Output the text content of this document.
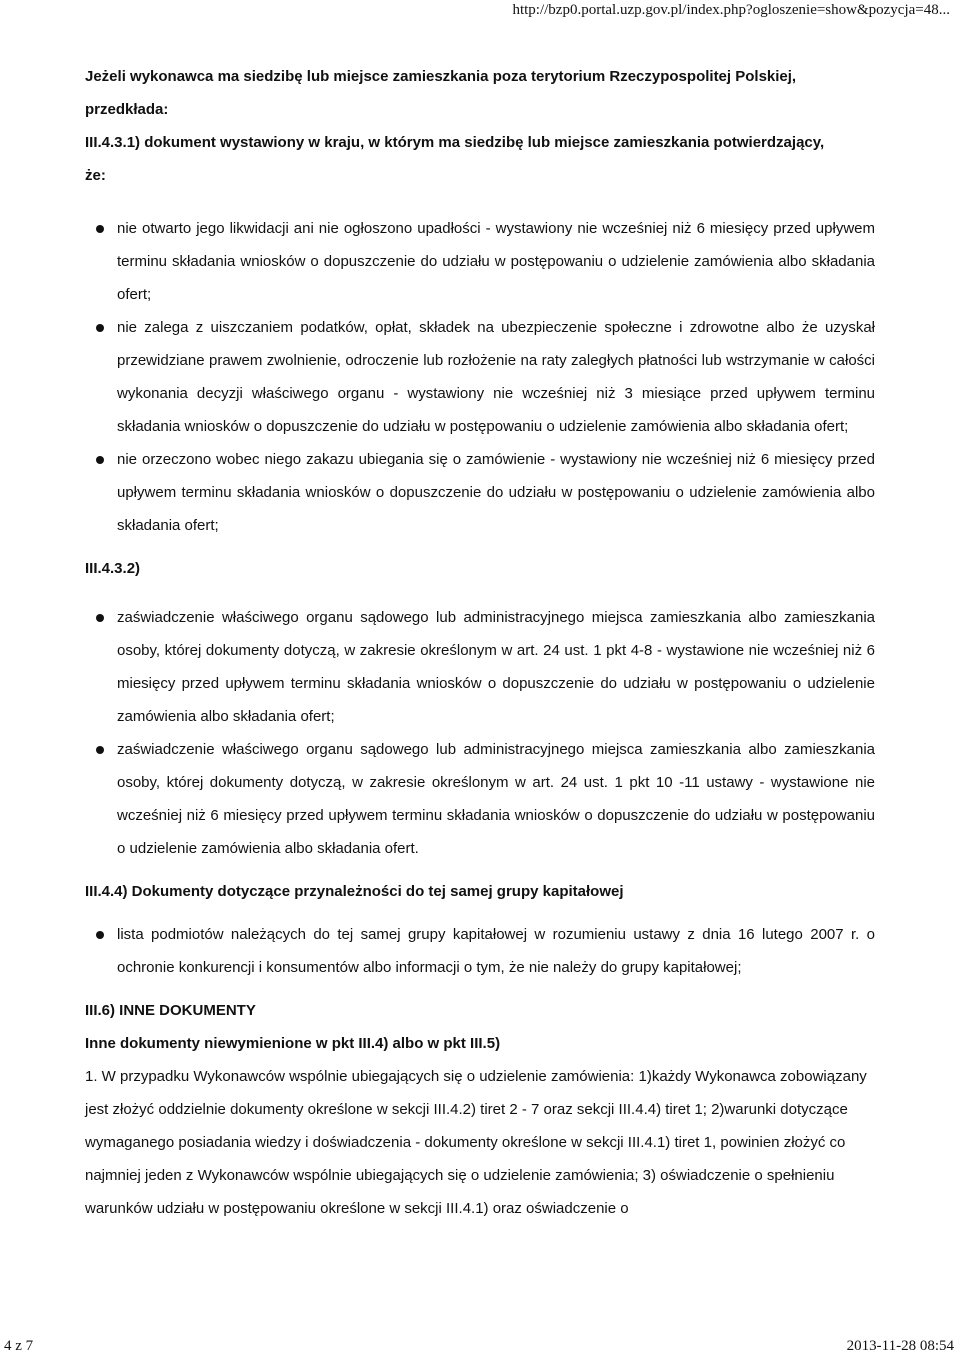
http://bzp0.portal.uzp.gov.pl/index.php?ogloszenie=show&pozycja=48...

Jeżeli wykonawca ma siedzibę lub miejsce zamieszkania poza terytorium Rzeczypospolitej Polskiej,

przedkłada:

III.4.3.1) dokument wystawiony w kraju, w którym ma siedzibę lub miejsce zamieszkania potwierdzający,

że:

nie otwarto jego likwidacji ani nie ogłoszono upadłości - wystawiony nie wcześniej niż 6 miesięcy przed upływem terminu składania wniosków o dopuszczenie do udziału w postępowaniu o udzielenie zamówienia albo składania ofert;
nie zalega z uiszczaniem podatków, opłat, składek na ubezpieczenie społeczne i zdrowotne albo że uzyskał przewidziane prawem zwolnienie, odroczenie lub rozłożenie na raty zaległych płatności lub wstrzymanie w całości wykonania decyzji właściwego organu - wystawiony nie wcześniej niż 3 miesiące przed upływem terminu składania wniosków o dopuszczenie do udziału w postępowaniu o udzielenie zamówienia albo składania ofert;
nie orzeczono wobec niego zakazu ubiegania się o zamówienie - wystawiony nie wcześniej niż 6 miesięcy przed upływem terminu składania wniosków o dopuszczenie do udziału w postępowaniu o udzielenie zamówienia albo składania ofert;

III.4.3.2)

zaświadczenie właściwego organu sądowego lub administracyjnego miejsca zamieszkania albo zamieszkania osoby, której dokumenty dotyczą, w zakresie określonym w art. 24 ust. 1 pkt 4-8 - wystawione nie wcześniej niż 6 miesięcy przed upływem terminu składania wniosków o dopuszczenie do udziału w postępowaniu o udzielenie zamówienia albo składania ofert;
zaświadczenie właściwego organu sądowego lub administracyjnego miejsca zamieszkania albo zamieszkania osoby, której dokumenty dotyczą, w zakresie określonym w art. 24 ust. 1 pkt 10 -11 ustawy - wystawione nie wcześniej niż 6 miesięcy przed upływem terminu składania wniosków o dopuszczenie do udziału w postępowaniu o udzielenie zamówienia albo składania ofert.

III.4.4) Dokumenty dotyczące przynależności do tej samej grupy kapitałowej

lista podmiotów należących do tej samej grupy kapitałowej w rozumieniu ustawy z dnia 16 lutego 2007 r. o ochronie konkurencji i konsumentów albo informacji o tym, że nie należy do grupy kapitałowej;

III.6) INNE DOKUMENTY

Inne dokumenty niewymienione w pkt III.4) albo w pkt III.5)

1. W przypadku Wykonawców wspólnie ubiegających się o udzielenie zamówienia: 1)każdy Wykonawca zobowiązany jest złożyć oddzielnie dokumenty określone w sekcji III.4.2) tiret 2 - 7 oraz sekcji III.4.4) tiret 1; 2)warunki dotyczące wymaganego posiadania wiedzy i doświadczenia - dokumenty określone w sekcji III.4.1) tiret 1, powinien złożyć co najmniej jeden z Wykonawców wspólnie ubiegających się o udzielenie zamówienia; 3) oświadczenie o spełnieniu warunków udziału w postępowaniu określone w sekcji III.4.1) oraz oświadczenie o

4 z 7	2013-11-28 08:54
